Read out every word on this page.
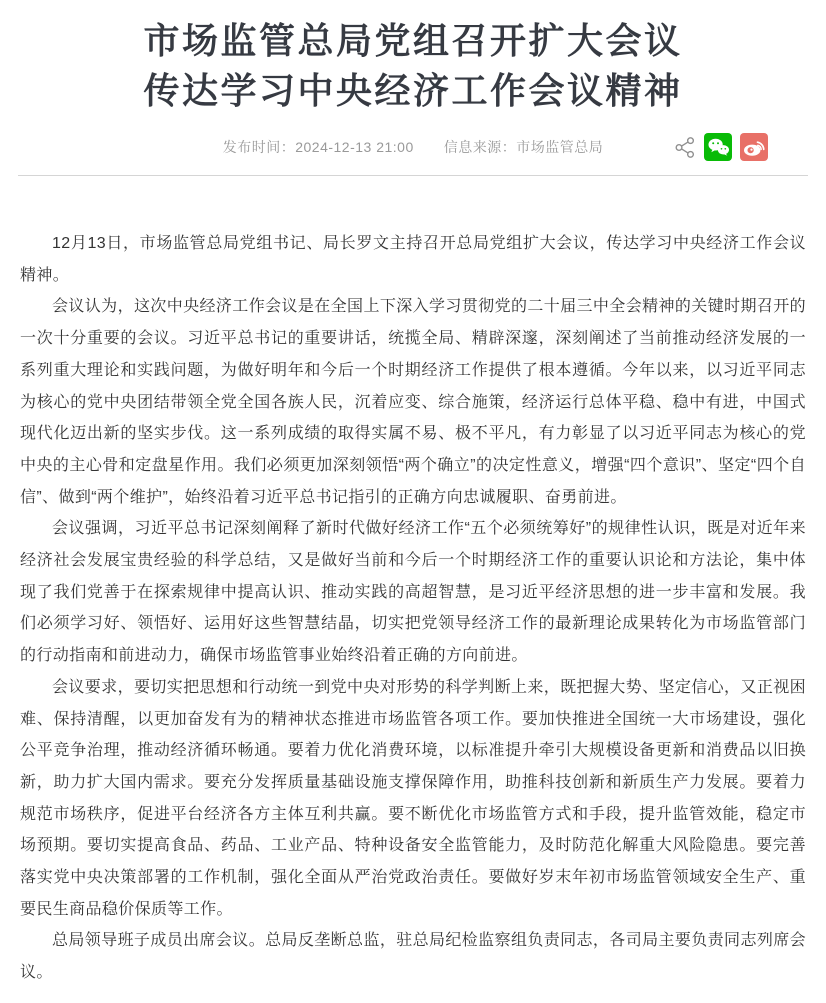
市场监管总局党组召开扩大会议
传达学习中央经济工作会议精神
发布时间：2024-12-13 21:00 信息来源：市场监管总局

12月13日，市场监管总局党组书记、局长罗文主持召开总局党组扩大会议，传达学习中央经济工作会议精神。

会议认为，这次中央经济工作会议是在全国上下深入学习贯彻党的二十届三中全会精神的关键时期召开的一次十分重要的会议。习近平总书记的重要讲话，统揽全局、精辟深邃，深刻阐述了当前推动经济发展的一系列重大理论和实践问题，为做好明年和今后一个时期经济工作提供了根本遵循。今年以来，以习近平同志为核心的党中央团结带领全党全国各族人民，沉着应变、综合施策，经济运行总体平稳、稳中有进，中国式现代化迈出新的坚实步伐。这一系列成绩的取得实属不易、极不平凡，有力彰显了以习近平同志为核心的党中央的主心骨和定盘星作用。我们必须更加深刻领悟“两个确立”的决定性意义，增强“四个意识”、坚定“四个自信”、做到“两个维护”，始终沿着习近平总书记指引的正确方向忠诚履职、奋勇前进。

会议强调，习近平总书记深刻阐释了新时代做好经济工作“五个必须统筹好”的规律性认识，既是对近年来经济社会发展宝贵经验的科学总结，又是做好当前和今后一个时期经济工作的重要认识论和方法论，集中体现了我们党善于在探索规律中提高认识、推动实践的高超智慧，是习近平经济思想的进一步丰富和发展。我们必须学习好、领悟好、运用好这些智慧结晶，切实把党领导经济工作的最新理论成果转化为市场监管部门的行动指南和前进动力，确保市场监管事业始终沿着正确的方向前进。

会议要求，要切实把思想和行动统一到党中央对形势的科学判断上来，既把握大势、坚定信心，又正视困难、保持清醒，以更加奋发有为的精神状态推进市场监管各项工作。要加快推进全国统一大市场建设，强化公平竞争治理，推动经济循环畅通。要着力优化消费环境，以标准提升牵引大规模设备更新和消费品以旧换新，助力扩大国内需求。要充分发挥质量基础设施支撑保障作用，助推科技创新和新质生产力发展。要着力规范市场秩序，促进平台经济各方主体互利共赢。要不断优化市场监管方式和手段，提升监管效能，稳定市场预期。要切实提高食品、药品、工业产品、特种设备安全监管能力，及时防范化解重大风险隐患。要完善落实党中央决策部署的工作机制，强化全面从严治党政治责任。要做好岁末年初市场监管领域安全生产、重要民生商品稳价保质等工作。

总局领导班子成员出席会议。总局反垄断总监，驻总局纪检监察组负责同志，各司局主要负责同志列席会议。
